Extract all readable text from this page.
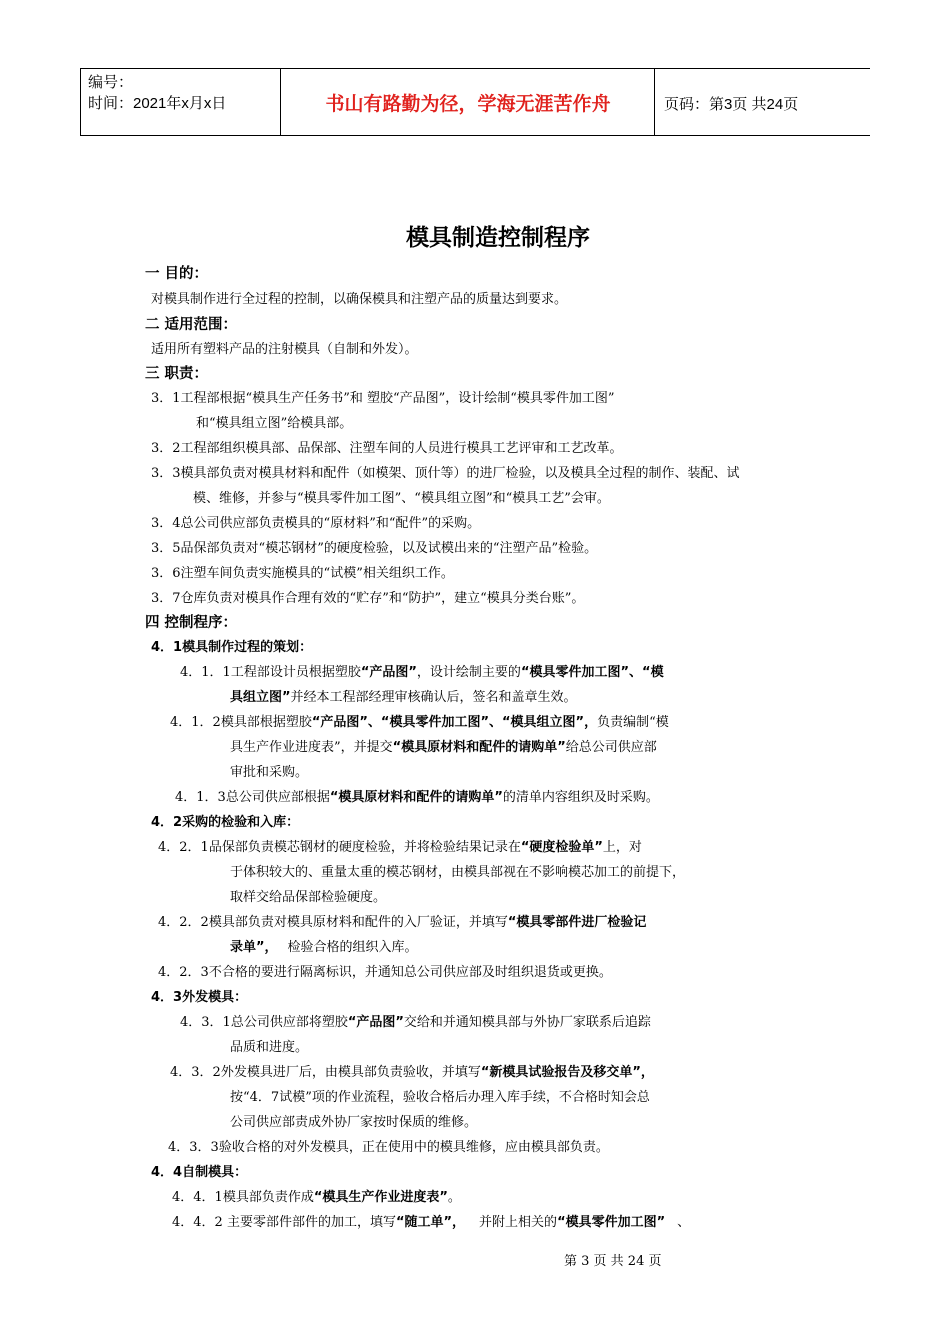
编号：
时间：2021年x月x日	书山有路勤为径，学海无涯苦作舟	页码：第3页 共24页
模具制造控制程序
一 目的：
对模具制作进行全过程的控制，以确保模具和注塑产品的质量达到要求。
二 适用范围：
适用所有塑料产品的注射模具（自制和外发）。
三 职责：
3．1工程部根据“模具生产任务书”和 塑胶“产品图”，设计绘制“模具零件加工图”
和“模具组立图”给模具部。
3．2工程部组织模具部、品保部、注塑车间的人员进行模具工艺评审和工艺改革。
3．3模具部负责对模具材料和配件（如模架、顶什等）的进厂检验，以及模具全过程的制作、装配、试
模、维修，并参与“模具零件加工图”、“模具组立图”和“模具工艺”会审。
3．4总公司供应部负责模具的“原材料”和“配件”的采购。
3．5品保部负责对“模芯钢材”的硬度检验，以及试模出来的“注塑产品”检验。
3．6注塑车间负责实施模具的“试模”相关组织工作。
3．7仓库负责对模具作合理有效的“贮存”和“防护”，建立“模具分类台账”。
四 控制程序：
4．1模具制作过程的策划：
4．1．1工程部设计员根据塑胶“产品图”，设计绘制主要的“模具零件加工图”、“模
具组立图”并经本工程部经理审核确认后，签名和盖章生效。
4．1．2模具部根据塑胶“产品图”、“模具零件加工图”、“模具组立图”，负责编制“模
具生产作业进度表”，并提交“模具原材料和配件的请购单”给总公司供应部
审批和采购。
4．1．3总公司供应部根据“模具原材料和配件的请购单”的清单内容组织及时采购。
4．2采购的检验和入库：
4．2．1品保部负责模芯钢材的硬度检验，并将检验结果记录在“硬度检验单”上，对
于体积较大的、重量太重的模芯钢材，由模具部视在不影响模芯加工的前提下，
取样交给品保部检验硬度。
4．2．2模具部负责对模具原材料和配件的入厂验证，并填写“模具零部件进厂检验记
录单”， 检验合格的组织入库。
4．2．3不合格的要进行隔离标识，并通知总公司供应部及时组织退货或更换。
4．3外发模具：
4．3．1总公司供应部将塑胶“产品图”交给和并通知模具部与外协厂家联系后追踪
品质和进度。
4．3．2外发模具进厂后，由模具部负责验收，并填写“新模具试验报告及移交单”，
按“4．7试模”项的作业流程，验收合格后办理入库手续，不合格时知会总
公司供应部责成外协厂家按时保质的维修。
4．3．3验收合格的对外发模具，正在使用中的模具维修，应由模具部负责。
4．4自制模具：
4．4．1模具部负责作成“模具生产作业进度表”。
4．4．2 主要零部件部件的加工，填写“随工单”， 并附上相关的“模具零件加工图” 、
第 3 页 共 24 页
